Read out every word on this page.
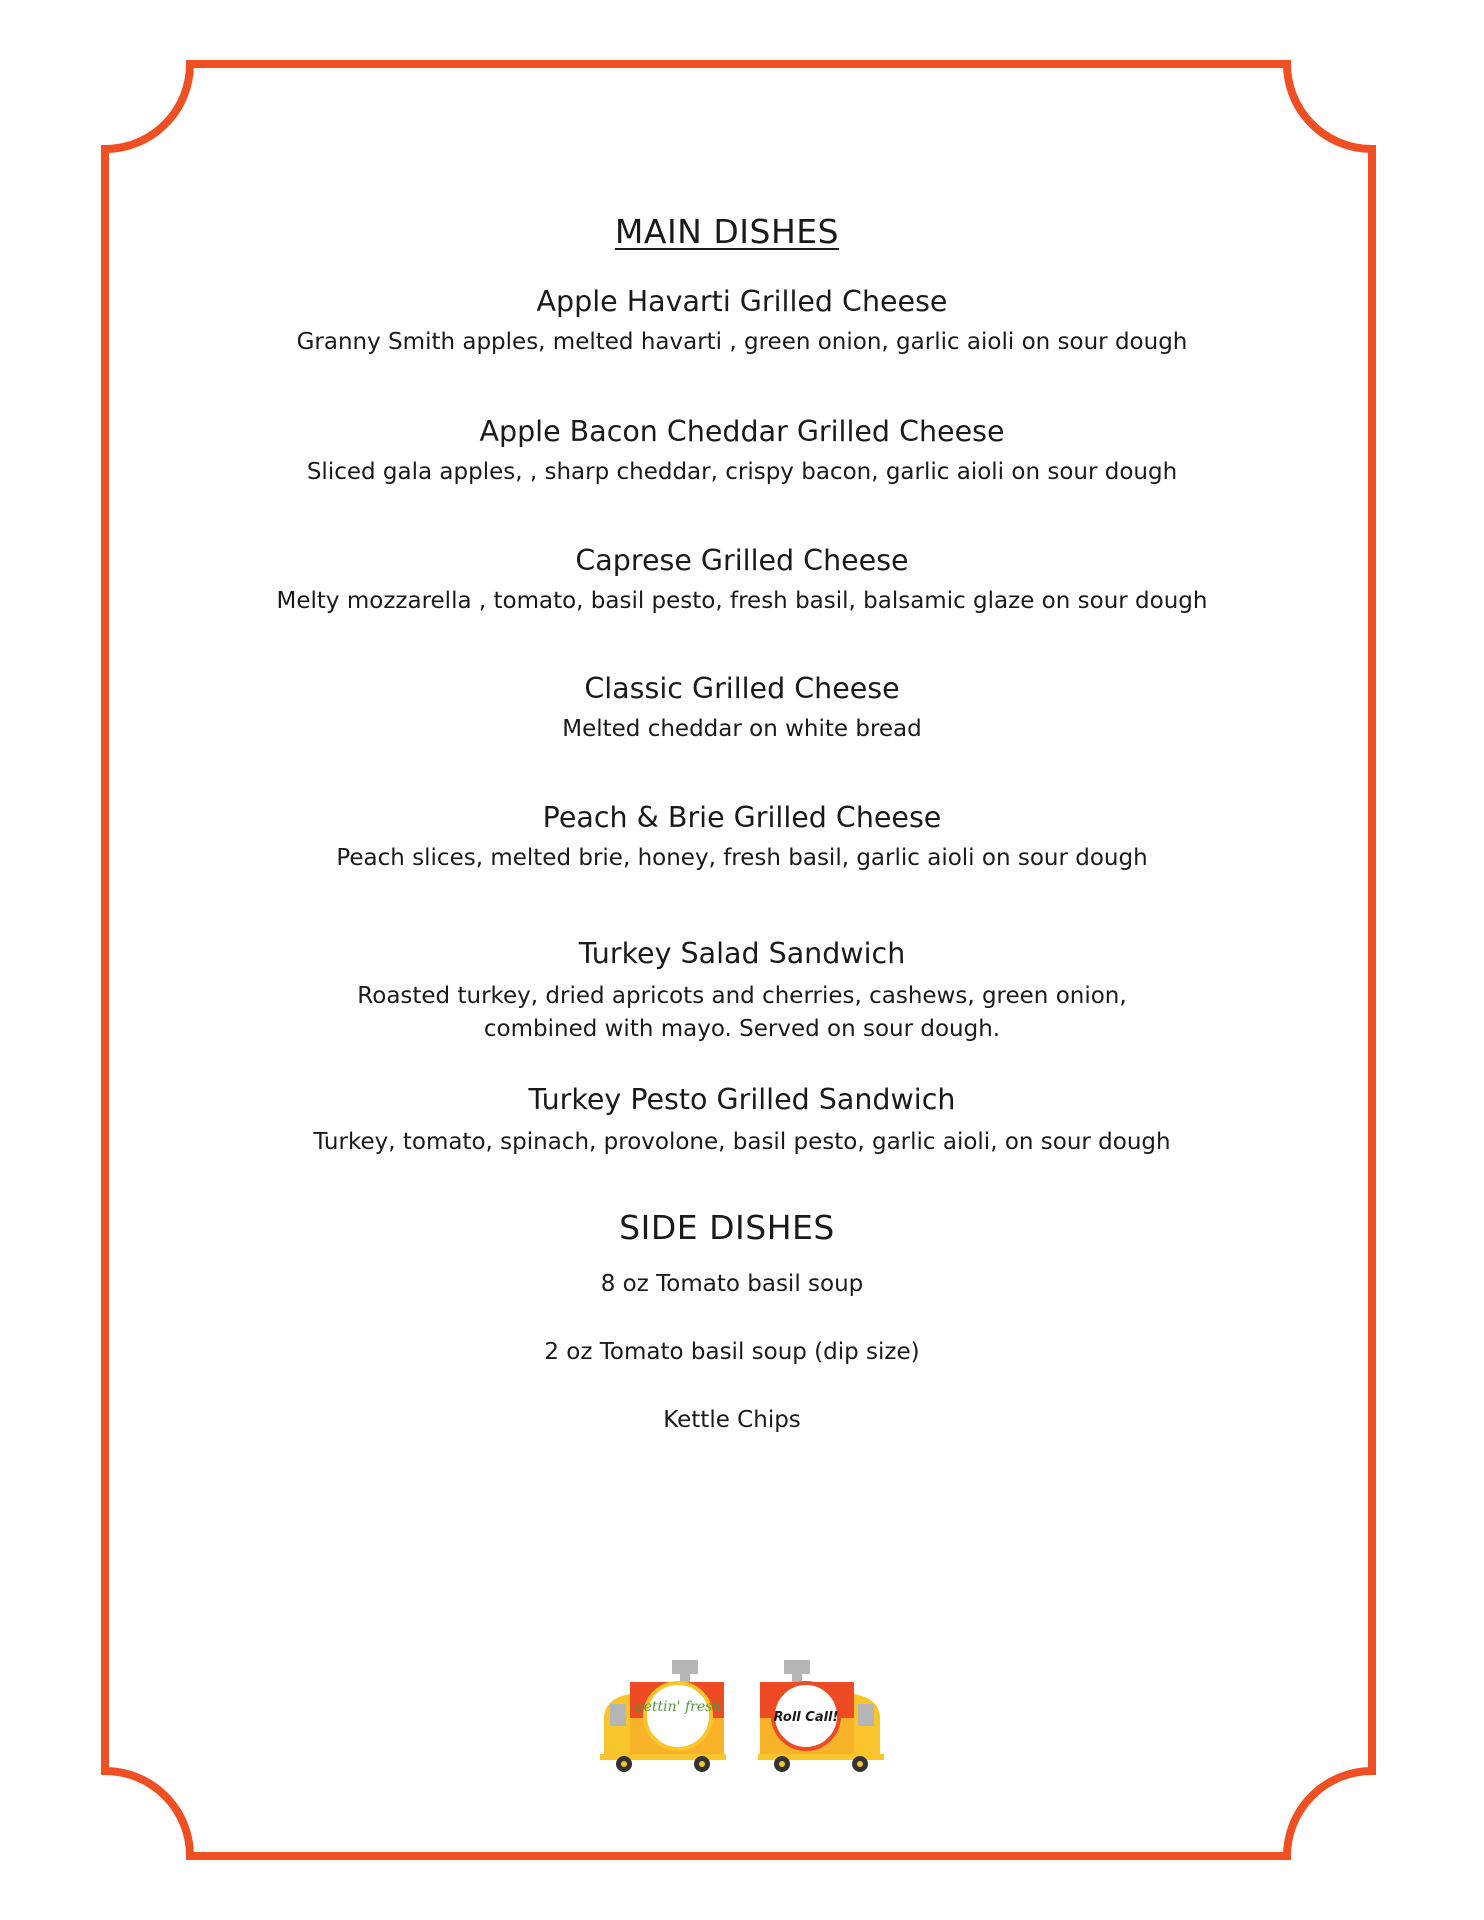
MAIN DISHES
Apple Havarti Grilled Cheese

Granny Smith apples, melted havarti , green onion, garlic aioli on sour dough

Apple Bacon Cheddar Grilled Cheese

Sliced gala apples, , sharp cheddar, crispy bacon, garlic aioli on sour dough

Caprese Grilled Cheese

Melty mozzarella , tomato, basil pesto, fresh basil, balsamic glaze on sour dough

Classic Grilled Cheese

Melted cheddar on white bread

Peach & Brie Grilled Cheese

Peach slices, melted brie, honey, fresh basil, garlic aioli on sour dough

Turkey Salad Sandwich

Roasted turkey, dried apricots and cherries, cashews, green onion,

combined with mayo. Served on sour dough.

Turkey Pesto Grilled Sandwich

Turkey, tomato, spinach, provolone, basil pesto, garlic aioli, on sour dough

SIDE DISHES
8 oz Tomato basil soup
2 oz Tomato basil soup (dip size)
Kettle Chips
gettin' fresh
Roll Call!
